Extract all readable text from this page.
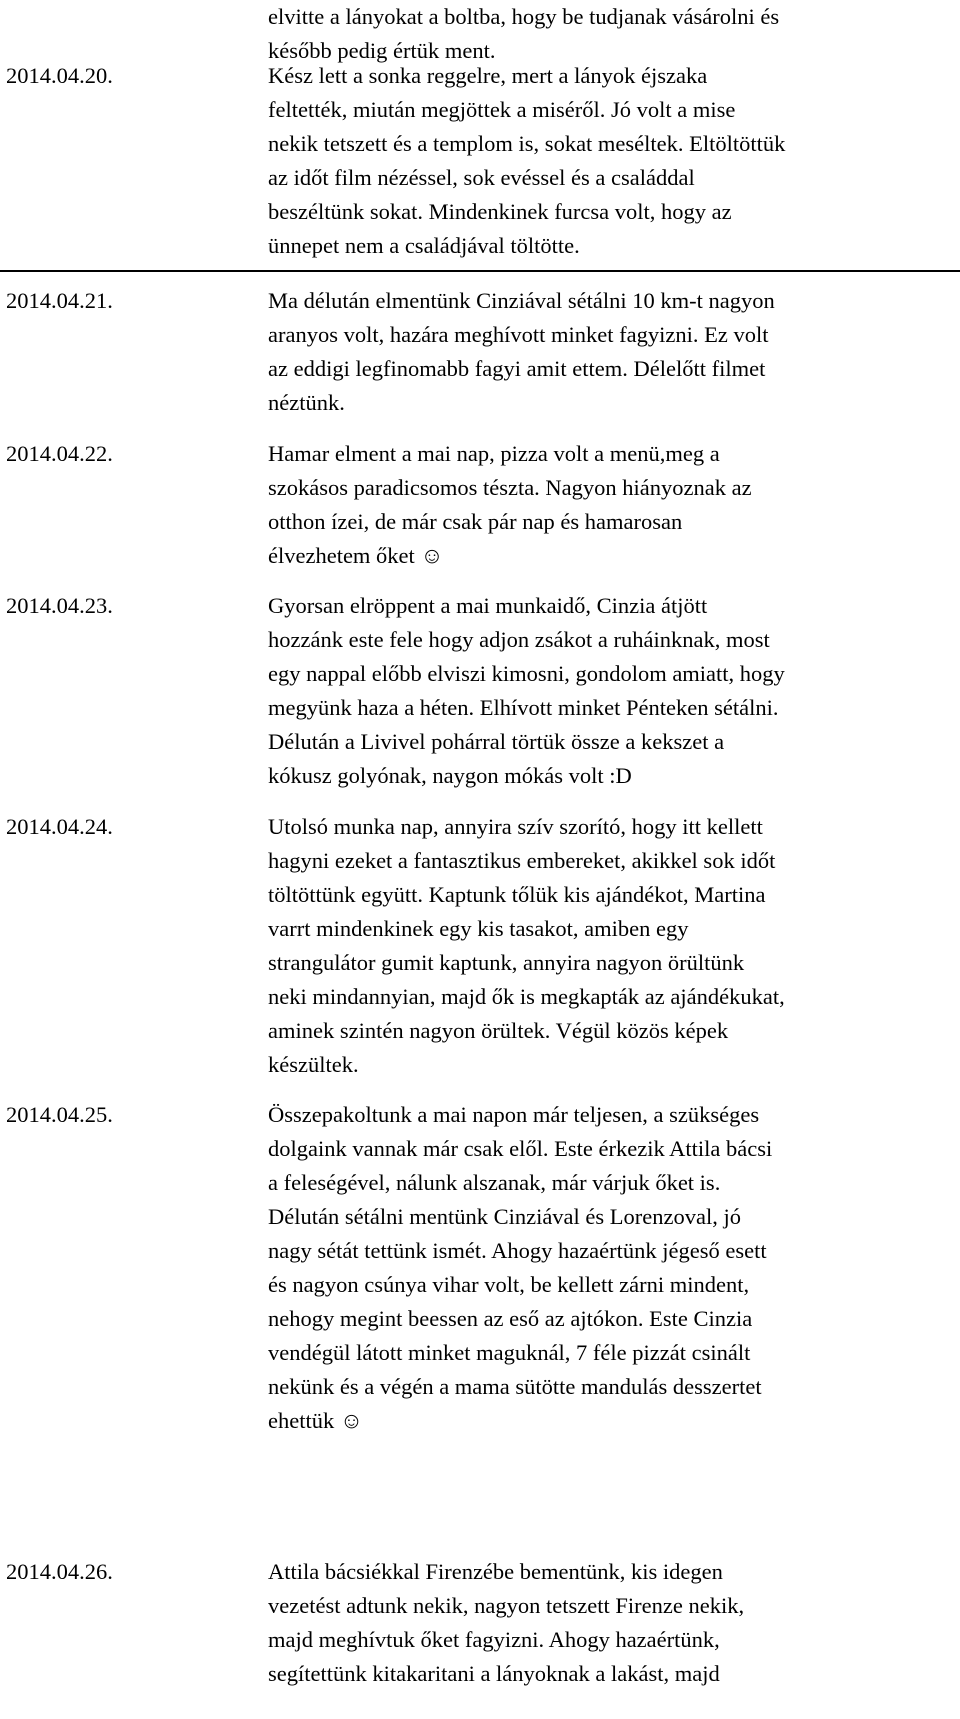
elvitte a lányokat a boltba, hogy be tudjanak vásárolni és
később pedig értük ment.
2014.04.20.	Kész lett a sonka reggelre, mert a lányok éjszaka
feltették, miután megjöttek a miséről. Jó volt a mise
nekik tetszett és a templom is, sokat meséltek. Eltöltöttük
az időt film nézéssel, sok evéssel és a családdal
beszéltünk sokat. Mindenkinek furcsa volt, hogy az
ünnepet nem a családjával töltötte.
2014.04.21.	Ma délután elmentünk Cinziával sétálni 10 km-t nagyon
aranyos volt, hazára meghívott minket fagyizni. Ez volt
az eddigi legfinomabb fagyi amit ettem. Délelőtt filmet
néztünk.
2014.04.22.	Hamar elment a mai nap, pizza volt a menü,meg a
szokásos paradicsomos tészta. Nagyon hiányoznak az
otthon ízei, de már csak pár nap és hamarosan
élvezhetem őket ☺
2014.04.23.	Gyorsan elröppent a mai munkaidő, Cinzia átjött
hozzánk este fele hogy adjon zsákot a ruháinknak, most
egy nappal előbb elviszi kimosni, gondolom amiatt, hogy
megyünk haza a héten. Elhívott minket Pénteken sétálni.
Délután a Livivel pohárral törtük össze a kekszet a
kókusz golyónak, naygon mókás volt :D
2014.04.24.	Utolsó munka nap, annyira szív szorító, hogy itt kellett
hagyni ezeket a fantasztikus embereket, akikkel sok időt
töltöttünk együtt. Kaptunk tőlük kis ajándékot, Martina
varrt mindenkinek egy kis tasakot, amiben egy
strangulátor gumit kaptunk, annyira nagyon örültünk
neki mindannyian, majd ők is megkapták az ajándékukat,
aminek szintén nagyon örültek. Végül közös képek
készültek.
2014.04.25.	Összepakoltunk a mai napon már teljesen, a szükséges
dolgaink vannak már csak elől. Este érkezik Attila bácsi
a feleségével, nálunk alszanak, már várjuk őket is.
Délután sétálni mentünk Cinziával és Lorenzoval, jó
nagy sétát tettünk ismét. Ahogy hazaértünk jégeső esett
és nagyon csúnya vihar volt, be kellett zárni mindent,
nehogy megint beessen az eső az ajtókon. Este Cinzia
vendégül látott minket maguknál, 7 féle pizzát csinált
nekünk és a végén a mama sütötte mandulás desszertet
ehettük ☺
2014.04.26.	Attila bácsiékkal Firenzébe bementünk, kis idegen
vezetést adtunk nekik, nagyon tetszett Firenze nekik,
majd meghívtuk őket fagyizni. Ahogy hazaértünk,
segítettünk kitakaritani a lányoknak a lakást, majd
